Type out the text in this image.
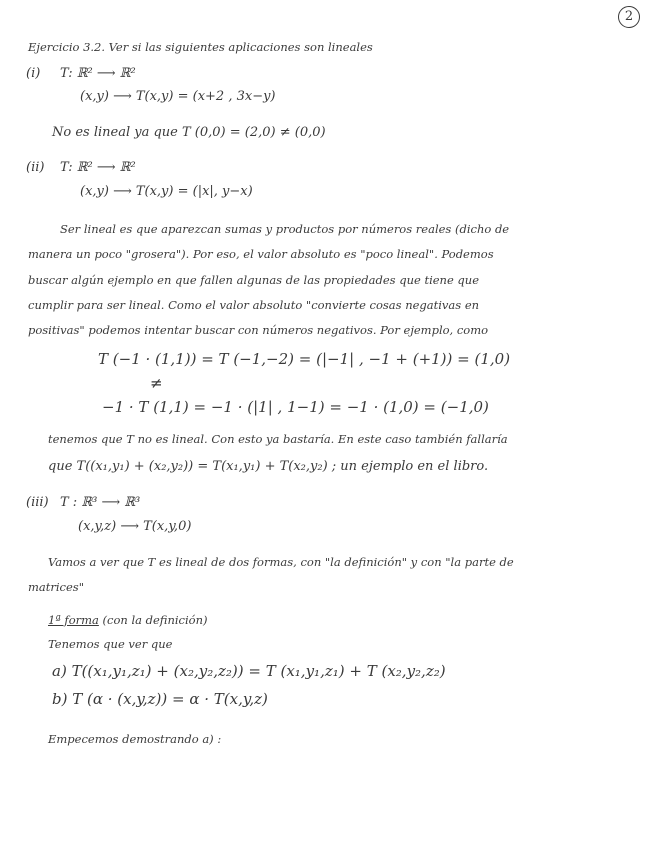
2
Ejercicio 3.2. Ver si las siguientes aplicaciones son lineales
(i) T: ℝ² ⟶ ℝ²
(x,y) ⟶ T(x,y) = (x+2 , 3x−y)
No es lineal ya que T (0,0) = (2,0) ≠ (0,0)
(ii) T: ℝ² ⟶ ℝ²
(x,y) ⟶ T(x,y) = (|x|, y−x)
Ser lineal es que aparezcan sumas y productos por números reales (dicho de
manera un poco "grosera"). Por eso, el valor absoluto es "poco lineal". Podemos
buscar algún ejemplo en que fallen algunas de las propiedades que tiene que
cumplir para ser lineal. Como el valor absoluto "convierte cosas negativas en
positivas" podemos intentar buscar con números negativos. Por ejemplo, como
T (−1 · (1,1)) = T (−1,−2) = (|−1| , −1 + (+1)) = (1,0)
≠
−1 · T (1,1) = −1 · (|1| , 1−1) = −1 · (1,0) = (−1,0)
tenemos que T no es lineal. Con esto ya bastaría. En este caso también fallaría
que T((x₁,y₁) + (x₂,y₂)) = T(x₁,y₁) + T(x₂,y₂) ; un ejemplo en el libro.
(iii) T : ℝ³ ⟶ ℝ³
(x,y,z) ⟶ T(x,y,0)
Vamos a ver que T es lineal de dos formas, con "la definición" y con "la parte de
matrices"
1ª forma (con la definición)
Tenemos que ver que
a) T((x₁,y₁,z₁) + (x₂,y₂,z₂)) = T (x₁,y₁,z₁) + T (x₂,y₂,z₂)
b) T (α · (x,y,z)) = α · T(x,y,z)
Empecemos demostrando a) :
